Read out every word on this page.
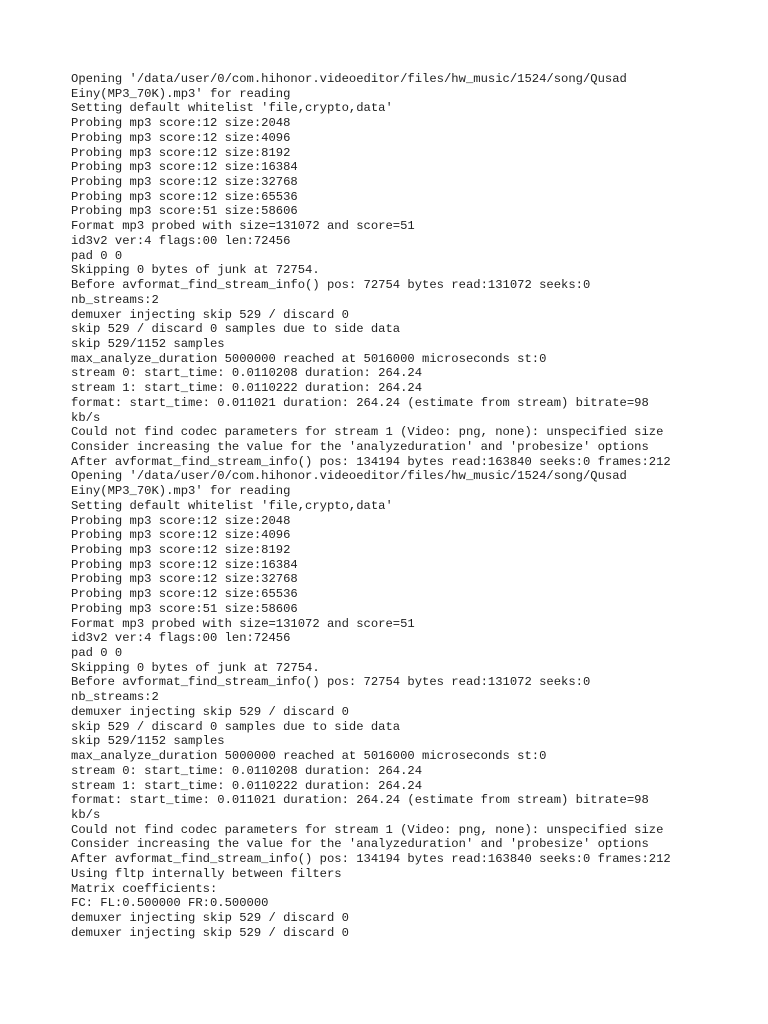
Opening '/data/user/0/com.hihonor.videoeditor/files/hw_music/1524/song/Qusad
Einy(MP3_70K).mp3' for reading
Setting default whitelist 'file,crypto,data'
Probing mp3 score:12 size:2048
Probing mp3 score:12 size:4096
Probing mp3 score:12 size:8192
Probing mp3 score:12 size:16384
Probing mp3 score:12 size:32768
Probing mp3 score:12 size:65536
Probing mp3 score:51 size:58606
Format mp3 probed with size=131072 and score=51
id3v2 ver:4 flags:00 len:72456
pad 0 0
Skipping 0 bytes of junk at 72754.
Before avformat_find_stream_info() pos: 72754 bytes read:131072 seeks:0
nb_streams:2
demuxer injecting skip 529 / discard 0
skip 529 / discard 0 samples due to side data
skip 529/1152 samples
max_analyze_duration 5000000 reached at 5016000 microseconds st:0
stream 0: start_time: 0.0110208 duration: 264.24
stream 1: start_time: 0.0110222 duration: 264.24
format: start_time: 0.011021 duration: 264.24 (estimate from stream) bitrate=98
kb/s
Could not find codec parameters for stream 1 (Video: png, none): unspecified size
Consider increasing the value for the 'analyzeduration' and 'probesize' options
After avformat_find_stream_info() pos: 134194 bytes read:163840 seeks:0 frames:212
Opening '/data/user/0/com.hihonor.videoeditor/files/hw_music/1524/song/Qusad
Einy(MP3_70K).mp3' for reading
Setting default whitelist 'file,crypto,data'
Probing mp3 score:12 size:2048
Probing mp3 score:12 size:4096
Probing mp3 score:12 size:8192
Probing mp3 score:12 size:16384
Probing mp3 score:12 size:32768
Probing mp3 score:12 size:65536
Probing mp3 score:51 size:58606
Format mp3 probed with size=131072 and score=51
id3v2 ver:4 flags:00 len:72456
pad 0 0
Skipping 0 bytes of junk at 72754.
Before avformat_find_stream_info() pos: 72754 bytes read:131072 seeks:0
nb_streams:2
demuxer injecting skip 529 / discard 0
skip 529 / discard 0 samples due to side data
skip 529/1152 samples
max_analyze_duration 5000000 reached at 5016000 microseconds st:0
stream 0: start_time: 0.0110208 duration: 264.24
stream 1: start_time: 0.0110222 duration: 264.24
format: start_time: 0.011021 duration: 264.24 (estimate from stream) bitrate=98
kb/s
Could not find codec parameters for stream 1 (Video: png, none): unspecified size
Consider increasing the value for the 'analyzeduration' and 'probesize' options
After avformat_find_stream_info() pos: 134194 bytes read:163840 seeks:0 frames:212
Using fltp internally between filters
Matrix coefficients:
FC: FL:0.500000 FR:0.500000
demuxer injecting skip 529 / discard 0
demuxer injecting skip 529 / discard 0
